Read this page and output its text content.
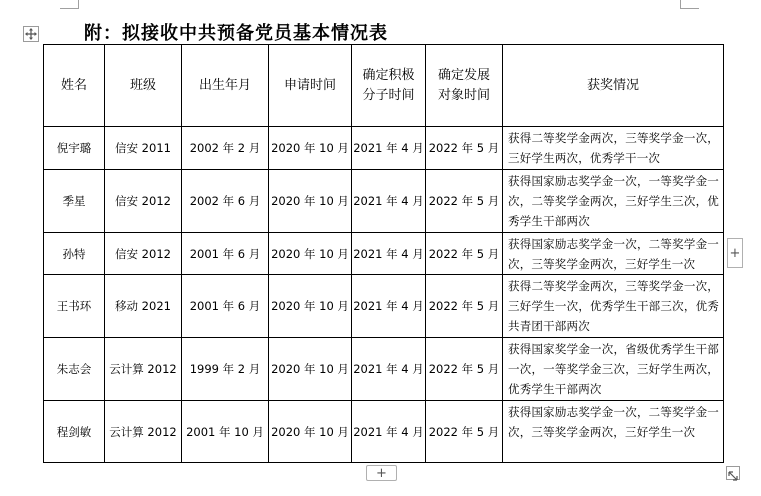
附：拟接收中共预备党员基本情况表
姓名	班级	出生年月	申请时间	确定积极分子时间	确定发展对象时间	获奖情况
倪宇璐	信安 2011	2002 年 2 月	2020 年 10 月	2021 年 4 月	2022 年 5 月	获得二等奖学金两次，三等奖学金一次，三好学生两次，优秀学干一次
季星	信安 2012	2002 年 6 月	2020 年 10 月	2021 年 4 月	2022 年 5 月	获得国家励志奖学金一次，一等奖学金一次，二等奖学金两次，三好学生三次，优秀学生干部两次
孙特	信安 2012	2001 年 6 月	2020 年 10 月	2021 年 4 月	2022 年 5 月	获得国家励志奖学金一次，二等奖学金一次，三等奖学金两次，三好学生一次
王书环	移动 2021	2001 年 6 月	2020 年 10 月	2021 年 4 月	2022 年 5 月	获得二等奖学金两次，三等奖学金一次，三好学生一次，优秀学生干部三次，优秀共青团干部两次
朱志会	云计算 2012	1999 年 2 月	2020 年 10 月	2021 年 4 月	2022 年 5 月	获得国家奖学金一次，省级优秀学生干部一次，一等奖学金三次，三好学生两次，优秀学生干部两次
程剑敏	云计算 2012	2001 年 10 月	2020 年 10 月	2021 年 4 月	2022 年 5 月	获得国家励志奖学金一次，二等奖学金一次，三等奖学金两次，三好学生一次
+
+
